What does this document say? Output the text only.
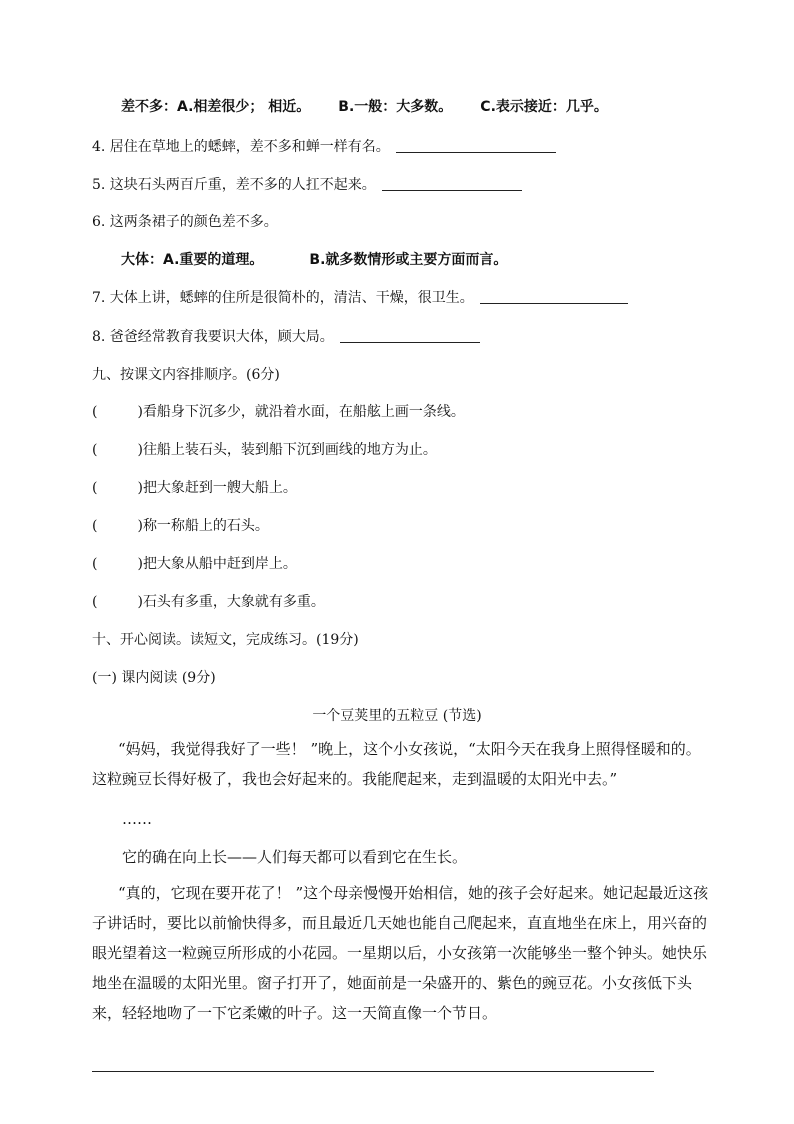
差不多：A.相差很少； 相近。 B.一般：大多数。 C.表示接近：几乎。
4. 居住在草地上的蟋蟀，差不多和蝉一样有名。
5. 这块石头两百斤重，差不多的人扛不起来。
6. 这两条裙子的颜色差不多。
大体：A.重要的道理。	B.就多数情形或主要方面而言。
7. 大体上讲，蟋蟀的住所是很简朴的，清洁、干燥，很卫生。
8. 爸爸经常教育我要识大体，顾大局。
九、按课文内容排顺序。(6分)
(	)看船身下沉多少，就沿着水面，在船舷上画一条线。
(	)往船上装石头，装到船下沉到画线的地方为止。
(	)把大象赶到一艘大船上。
(	)称一称船上的石头。
(	)把大象从船中赶到岸上。
(	)石头有多重，大象就有多重。
十、开心阅读。读短文，完成练习。(19分)
(一) 课内阅读 (9分)
一个豆荚里的五粒豆 (节选)
“妈妈，我觉得我好了一些！ ”晚上，这个小女孩说，“太阳今天在我身上照得怪暖和的。这粒豌豆长得好极了，我也会好起来的。我能爬起来，走到温暖的太阳光中去。”
……
它的确在向上长——人们每天都可以看到它在生长。
“真的，它现在要开花了！ ”这个母亲慢慢开始相信，她的孩子会好起来。她记起最近这孩子讲话时，要比以前愉快得多，而且最近几天她也能自己爬起来，直直地坐在床上，用兴奋的眼光望着这一粒豌豆所形成的小花园。一星期以后，小女孩第一次能够坐一整个钟头。她快乐地坐在温暖的太阳光里。窗子打开了，她面前是一朵盛开的、紫色的豌豆花。小女孩低下头来，轻轻地吻了一下它柔嫩的叶子。这一天简直像一个节日。
